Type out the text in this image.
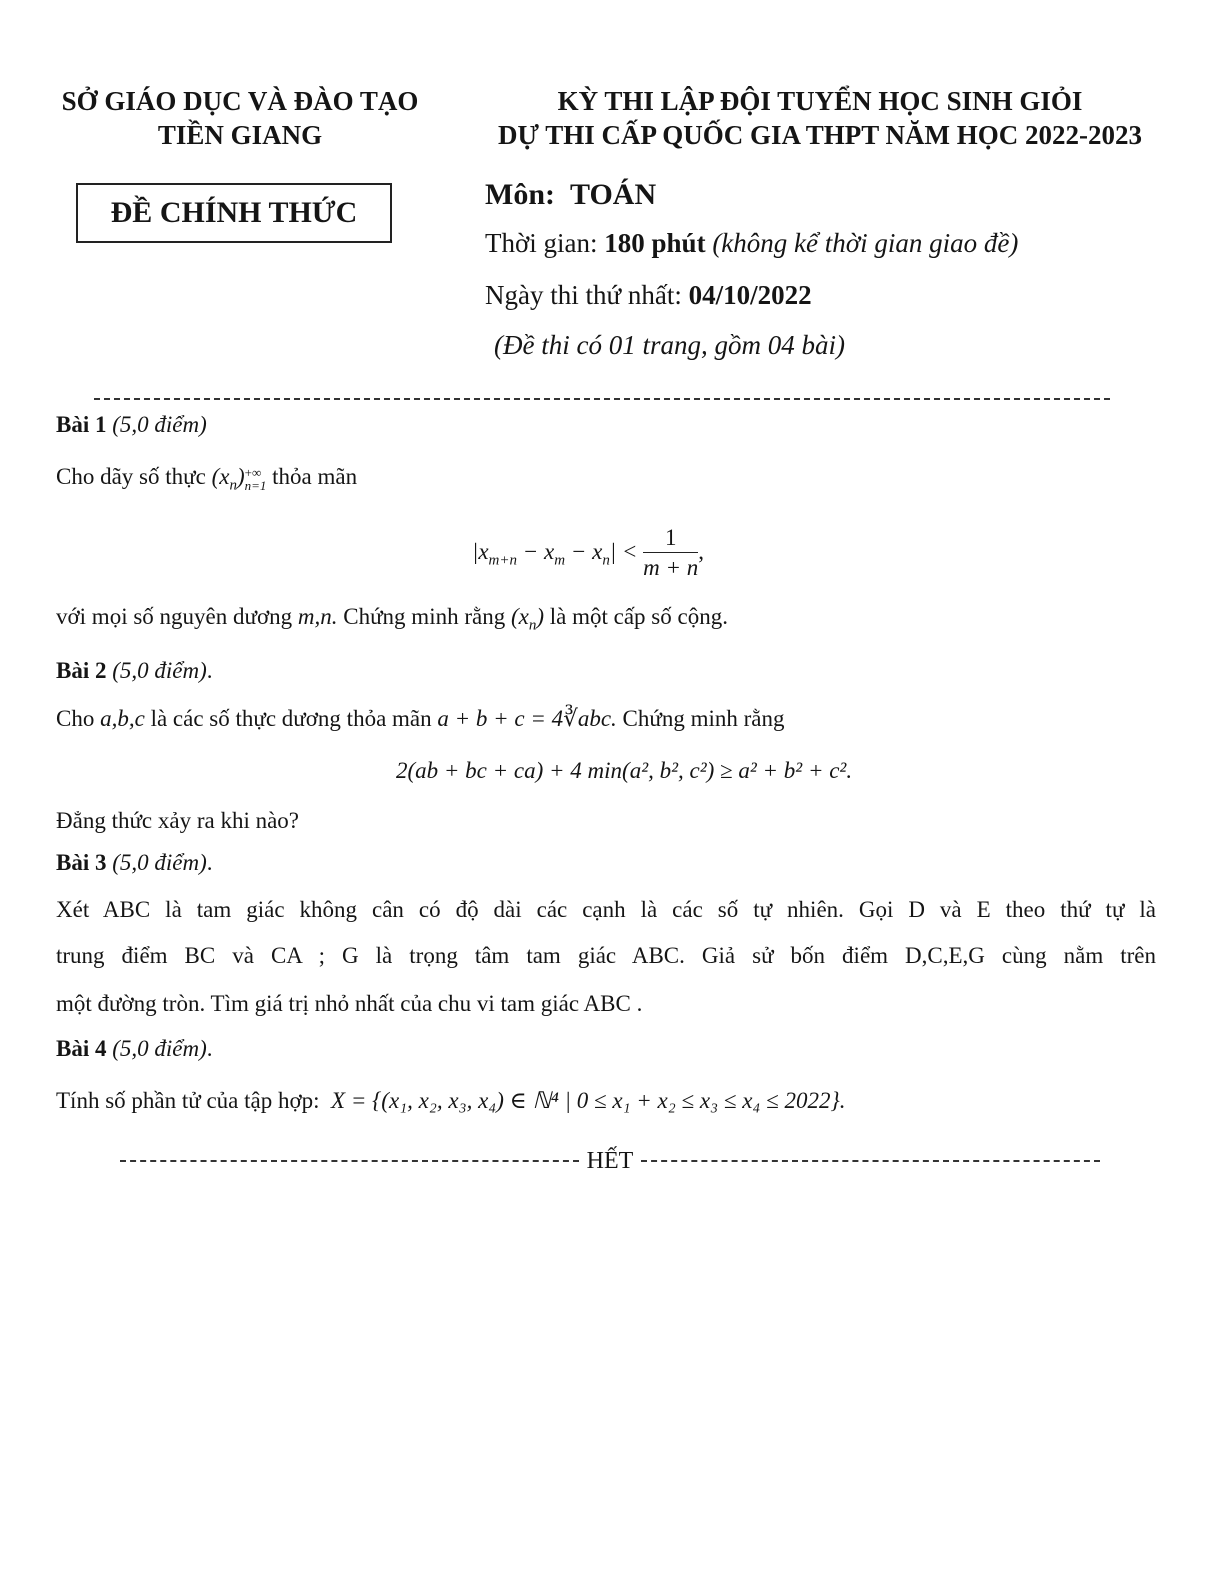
SỞ GIÁO DỤC VÀ ĐÀO TẠO
TIỀN GIANG
KỲ THI LẬP ĐỘI TUYỂN HỌC SINH GIỎI
DỰ THI CẤP QUỐC GIA THPT NĂM HỌC 2022-2023
ĐỀ CHÍNH THỨC
Môn: TOÁN
Thời gian: 180 phút (không kể thời gian giao đề)
Ngày thi thứ nhất: 04/10/2022
(Đề thi có 01 trang, gồm 04 bài)
Bài 1 (5,0 điểm)
Cho dãy số thực $(x_n)$ +∞
n=1 thỏa mãn
$|x_{m+n} - x_m - x_n| < \frac{1}{m + n}$ ,
với mọi số nguyên dương m,n. Chứng minh rằng $(x_n)$ là một cấp số cộng.
Bài 2 (5,0 điểm).
Cho a,b,c là các số thực dương thỏa mãn a + b + c = 4∛abc. Chứng minh rằng
2(ab + bc + ca) + 4 min(a², b², c²) ≥ a² + b² + c².
Đẳng thức xảy ra khi nào?
Bài 3 (5,0 điểm).
Xét ABC là tam giác không cân có độ dài các cạnh là các số tự nhiên. Gọi D và E theo thứ tự là
trung điểm BC và CA ; G là trọng tâm tam giác ABC. Giả sử bốn điểm D,C,E,G cùng nằm trên
một đường tròn. Tìm giá trị nhỏ nhất của chu vi tam giác ABC .
Bài 4 (5,0 điểm).
Tính số phần tử của tập hợp: X = {(x₁, x₂, x₃, x₄) ∈ ℕ⁴ | 0 ≤ x₁ + x₂ ≤ x₃ ≤ x₄ ≤ 2022}.
HẾT
